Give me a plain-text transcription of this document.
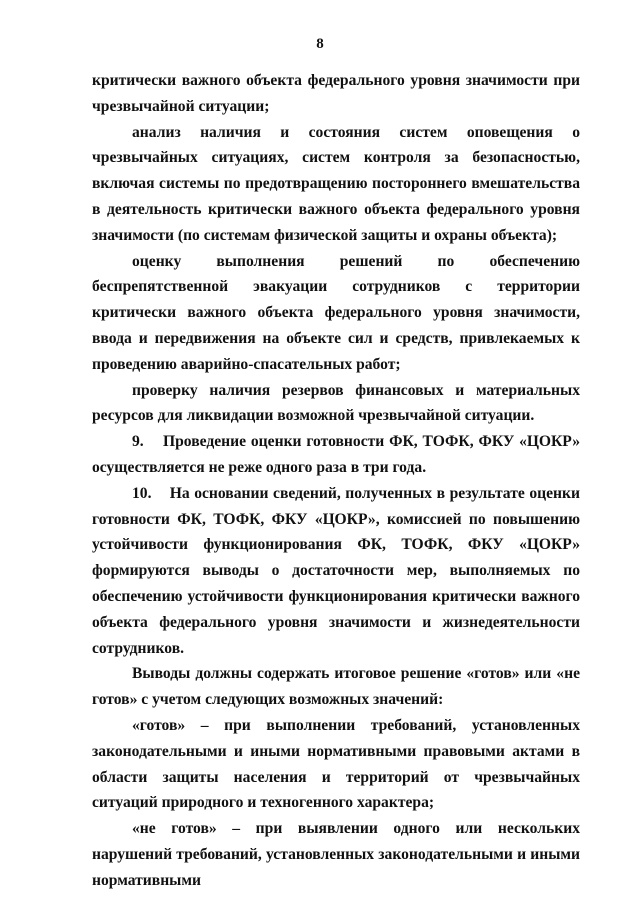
8

критически важного объекта федерального уровня значимости при чрезвычайной ситуации;

анализ наличия и состояния систем оповещения о чрезвычайных ситуациях, систем контроля за безопасностью, включая системы по предотвращению постороннего вмешательства в деятельность критически важного объекта федерального уровня значимости (по системам физической защиты и охраны объекта);

оценку выполнения решений по обеспечению беспрепятственной эвакуации сотрудников с территории критически важного объекта федерального уровня значимости, ввода и передвижения на объекте сил и средств, привлекаемых к проведению аварийно-спасательных работ;

проверку наличия резервов финансовых и материальных ресурсов для ликвидации возможной чрезвычайной ситуации.

9.    Проведение оценки готовности ФК, ТОФК, ФКУ «ЦОКР» осуществляется не реже одного раза в три года.

10.    На основании сведений, полученных в результате оценки готовности ФК, ТОФК, ФКУ «ЦОКР», комиссией по повышению устойчивости функционирования ФК, ТОФК, ФКУ «ЦОКР» формируются выводы о достаточности мер, выполняемых по обеспечению устойчивости функционирования критически важного объекта федерального уровня значимости и жизнедеятельности сотрудников.

Выводы должны содержать итоговое решение «готов» или «не готов» с учетом следующих возможных значений:

«готов» – при выполнении требований, установленных законодательными и иными нормативными правовыми актами в области защиты населения и территорий от чрезвычайных ситуаций природного и техногенного характера;

«не готов» – при выявлении одного или нескольких нарушений требований, установленных законодательными и иными нормативными
